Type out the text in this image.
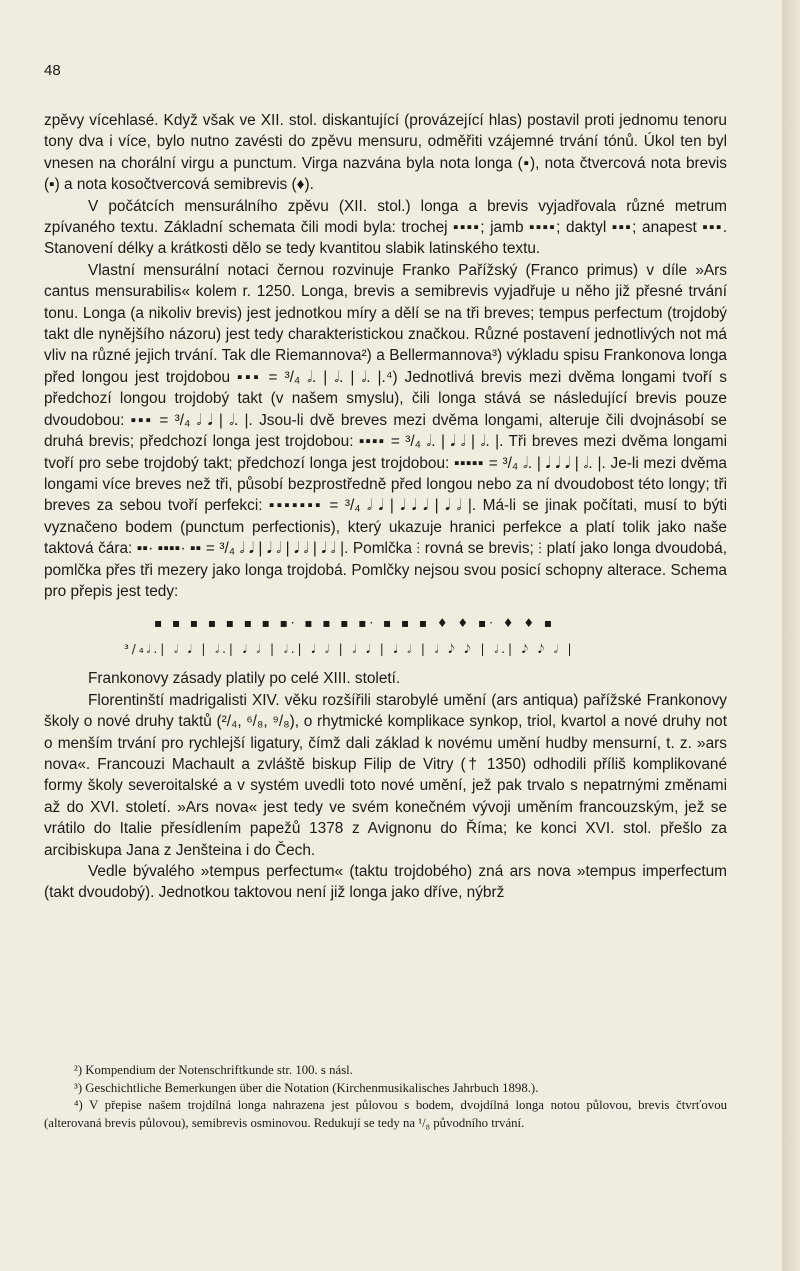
48

zpěvy vícehlasé. Když však ve XII. stol. diskantující (provázející hlas) postavil proti jednomu tenoru tony dva i více, bylo nutno zavésti do zpěvu mensuru, odměřiti vzájemné trvání tónů. Úkol ten byl vnesen na chorální virgu a punctum. Virga nazvána byla nota longa (▪), nota čtvercová nota brevis (▪) a nota kosočtvercová semibrevis (♦).

V počátcích mensurálního zpěvu (XII. stol.) longa a brevis vyjadřovala různé metrum zpívaného textu. Základní schemata čili modi byla: trochej ▪▪▪▪; jamb ▪▪▪▪; daktyl ▪▪▪; anapest ▪▪▪. Stanovení délky a krátkosti dělo se tedy kvantitou slabik latinského textu.

Vlastní mensurální notaci černou rozvinuje Franko Pařížský (Franco primus) v díle »Ars cantus mensurabilis« kolem r. 1250. Longa, brevis a semibrevis vyjadřuje u něho již přesné trvání tonu. Longa (a nikoliv brevis) jest jednotkou míry a dělí se na tři breves; tempus perfectum (trojdobý takt dle nynějšího názoru) jest tedy charakteristickou značkou. Různé postavení jednotlivých not má vliv na různé jejich trvání. Tak dle Riemannova²) a Bellermannova³) výkladu spisu Frankonova longa před longou jest trojdobou ▪▪▪ = ³/₄ 𝅗𝅥. | 𝅗𝅥. | 𝅗𝅥. |.⁴) Jednotlivá brevis mezi dvěma longami tvoří s předchozí longou trojdobý takt (v našem smyslu), čili longa stává se následující brevis pouze dvoudobou: ▪▪▪ = ³/₄ 𝅗𝅥 𝅘𝅥 | 𝅗𝅥. |. Jsou-li dvě breves mezi dvěma longami, alteruje čili dvojnásobí se druhá brevis; předchozí longa jest trojdobou: ▪▪▪▪ = ³/₄ 𝅗𝅥. | 𝅘𝅥 𝅗𝅥 | 𝅗𝅥. |. Tři breves mezi dvěma longami tvoří pro sebe trojdobý takt; předchozí longa jest trojdobou: ▪▪▪▪▪ = ³/₄ 𝅗𝅥. | 𝅘𝅥 𝅘𝅥 𝅘𝅥 | 𝅗𝅥. |. Je-li mezi dvěma longami více breves než tři, působí bezprostředně před longou nebo za ní dvoudobost této longy; tři breves za sebou tvoří perfekci: ▪▪▪▪▪▪▪ = ³/₄ 𝅗𝅥 𝅘𝅥 | 𝅘𝅥 𝅘𝅥 𝅘𝅥 | 𝅘𝅥 𝅗𝅥 |. Má-li se jinak počítati, musí to býti vyznačeno bodem (punctum perfectionis), který ukazuje hranici perfekce a platí tolik jako naše taktová čára: ▪▪· ▪▪▪▪· ▪▪ = ³/₄ 𝅗𝅥 𝅘𝅥 | 𝅘𝅥 𝅗𝅥 | 𝅘𝅥 𝅗𝅥 | 𝅘𝅥 𝅗𝅥 |. Pomlčka ⫶ rovná se brevis; ⫶ platí jako longa dvoudobá, pomlčka přes tři mezery jako longa trojdobá. Pomlčky nejsou svou posicí schopny alterace. Schema pro přepis jest tedy:

▪ ▪ ▪ ▪ ▪ ▪ ▪ ▪· ▪ ▪ ▪ ▪· ▪ ▪ ▪ ♦ ♦ ▪· ♦ ♦ ▪
³/₄𝅗𝅥.| 𝅗𝅥 𝅘𝅥 | 𝅗𝅥.| 𝅘𝅥 𝅗𝅥 | 𝅗𝅥.| 𝅘𝅥 𝅗𝅥 | 𝅗𝅥 𝅘𝅥 | 𝅘𝅥 𝅗𝅥 | 𝅗𝅥 𝅘𝅥𝅮 𝅘𝅥𝅮 | 𝅗𝅥.| 𝅘𝅥𝅮 𝅘𝅥𝅮 𝅗𝅥 |

Frankonovy zásady platily po celé XIII. století.

Florentinští madrigalisti XIV. věku rozšířili starobylé umění (ars antiqua) pařížské Frankonovy školy o nové druhy taktů (²/₄, ⁶/₈, ⁹/₈), o rhytmické komplikace synkop, triol, kvartol a nové druhy not o menším trvání pro rychlejší ligatury, čímž dali základ k novému umění hudby mensurní, t. z. »ars nova«. Francouzi Machault a zvláště biskup Filip de Vitry († 1350) odhodili příliš komplikované formy školy severoitalské a v systém uvedli toto nové umění, jež pak trvalo s nepatrnými změnami až do XVI. století. »Ars nova« jest tedy ve svém konečném vývoji uměním francouzským, jež se vrátilo do Italie přesídlením papežů 1378 z Avignonu do Říma; ke konci XVI. stol. přešlo za arcibiskupa Jana z Jenšteina i do Čech.

Vedle bývalého »tempus perfectum« (taktu trojdobého) zná ars nova »tempus imperfectum (takt dvoudobý). Jednotkou taktovou není již longa jako dříve, nýbrž

²) Kompendium der Notenschriftkunde str. 100. s násl.

³) Geschichtliche Bemerkungen über die Notation (Kirchenmusikalisches Jahrbuch 1898.).

⁴) V přepise našem trojdílná longa nahrazena jest půlovou s bodem, dvojdílná longa notou půlovou, brevis čtvrťovou (alterovaná brevis půlovou), semibrevis osminovou. Redukují se tedy na ¹/₈ původního trvání.
